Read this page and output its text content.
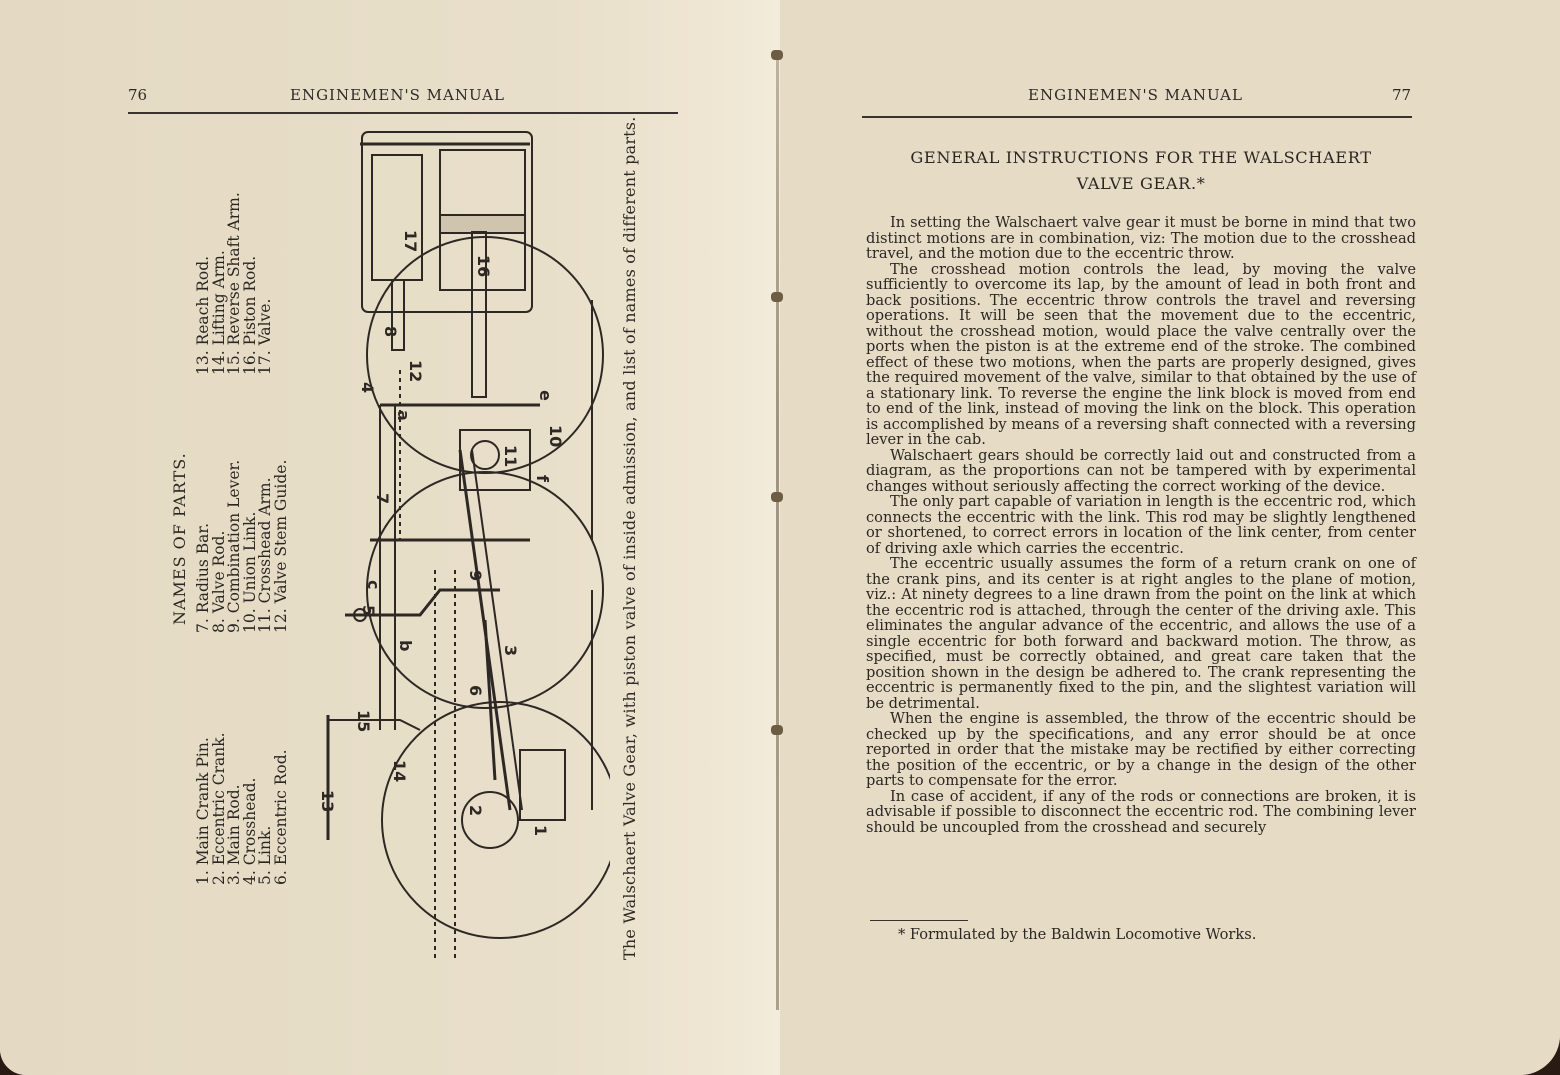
76	ENGINEMEN'S MANUAL
NAMES OF PARTS.
1. Main Crank Pin.
2. Eccentric Crank.
3. Main Rod.
4. Crosshead.
5. Link.
6. Eccentric Rod.
7. Radius Bar.
8. Valve Rod.
9. Combination Lever.
10. Union Link.
11. Crosshead Arm.
12. Valve Stem Guide.
13. Reach Rod.
14. Lifting Arm.
15. Reverse Shaft Arm.
16. Piston Rod.
17. Valve.
17
16
8
12
4
a
e
10
11
f
7
9
5
c
b
14
15
13
6
3
2
1	The Walschaert Valve Gear, with piston valve of inside admission, and list of names of different parts.
ENGINEMEN'S MANUAL	77
GENERAL INSTRUCTIONS FOR THE WALSCHAERT
VALVE GEAR.*

In setting the Walschaert valve gear it must be borne in mind that two distinct motions are in combination, viz: The motion due to the crosshead travel, and the motion due to the eccentric throw.

The crosshead motion controls the lead, by moving the valve sufficiently to overcome its lap, by the amount of lead in both front and back positions. The eccentric throw controls the travel and reversing operations. It will be seen that the movement due to the eccentric, without the crosshead motion, would place the valve centrally over the ports when the piston is at the extreme end of the stroke. The combined effect of these two motions, when the parts are properly designed, gives the required movement of the valve, similar to that obtained by the use of a stationary link. To reverse the engine the link block is moved from end to end of the link, instead of moving the link on the block. This operation is accomplished by means of a reversing shaft connected with a reversing lever in the cab.

Walschaert gears should be correctly laid out and constructed from a diagram, as the proportions can not be tampered with by experimental changes without seriously affecting the correct working of the device.

The only part capable of variation in length is the eccentric rod, which connects the eccentric with the link. This rod may be slightly lengthened or shortened, to correct errors in location of the link center, from center of driving axle which carries the eccentric.

The eccentric usually assumes the form of a return crank on one of the crank pins, and its center is at right angles to the plane of motion, viz.: At ninety degrees to a line drawn from the point on the link at which the eccentric rod is attached, through the center of the driving axle. This eliminates the angular advance of the eccentric, and allows the use of a single eccentric for both forward and backward motion. The throw, as specified, must be correctly obtained, and great care taken that the position shown in the design be adhered to. The crank representing the eccentric is permanently fixed to the pin, and the slightest variation will be detrimental.

When the engine is assembled, the throw of the eccentric should be checked up by the specifications, and any error should be at once reported in order that the mistake may be rectified by either correcting the position of the eccentric, or by a change in the design of the other parts to compensate for the error.

In case of accident, if any of the rods or connections are broken, it is advisable if possible to disconnect the eccentric rod. The combining lever should be uncoupled from the crosshead and securely

* Formulated by the Baldwin Locomotive Works.
